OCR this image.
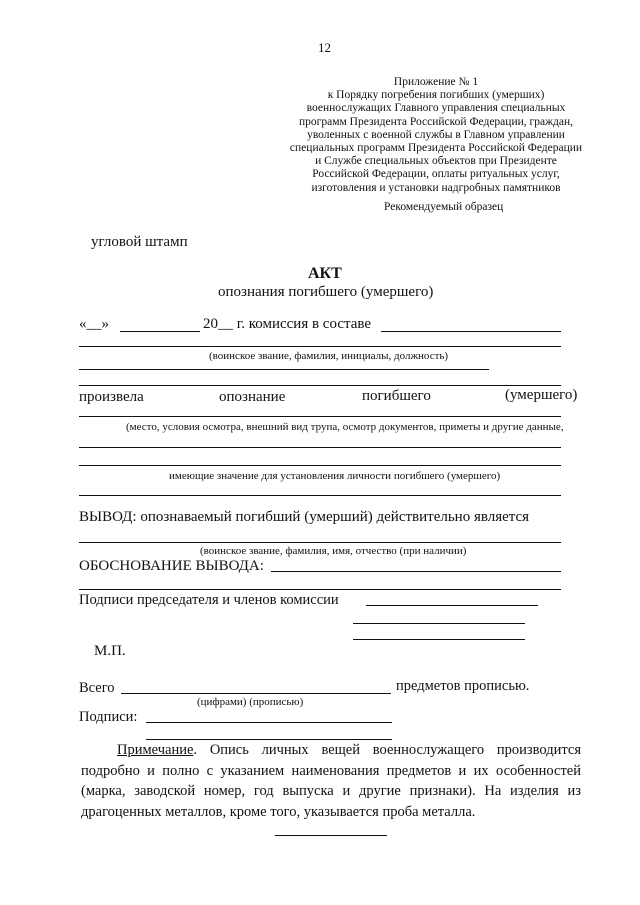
12
Приложение № 1
к Порядку погребения погибших (умерших)
военнослужащих Главного управления специальных
программ Президента Российской Федерации, граждан,
уволенных с военной службы в Главном управлении
специальных программ Президента Российской Федерации
и Службе специальных объектов при Президенте
Российской Федерации, оплаты ритуальных услуг,
изготовления и установки надгробных памятников
Рекомендуемый образец
угловой штамп
АКТ
опознания погибшего (умершего)
«__»	20__ г. комиссия в составе
(воинское звание, фамилия, инициалы, должность)
произвела	опознание	погибшего	(умершего)
(место, условия осмотра, внешний вид трупа, осмотр документов, приметы и другие данные,
имеющие значение для установления личности погибшего (умершего)
ВЫВОД: опознаваемый погибший (умерший) действительно является
(воинское звание, фамилия, имя, отчество (при наличии)
ОБОСНОВАНИЕ ВЫВОДА:
Подписи председателя и членов комиссии
М.П.
Всего	предметов прописью.
(цифрами) (прописью)
Подписи:
Примечание. Опись личных вещей военнослужащего производится подробно и полно с указанием наименования предметов и их особенностей (марка, заводской номер, год выпуска и другие признаки). На изделия из драгоценных металлов, кроме того, указывается проба металла.
